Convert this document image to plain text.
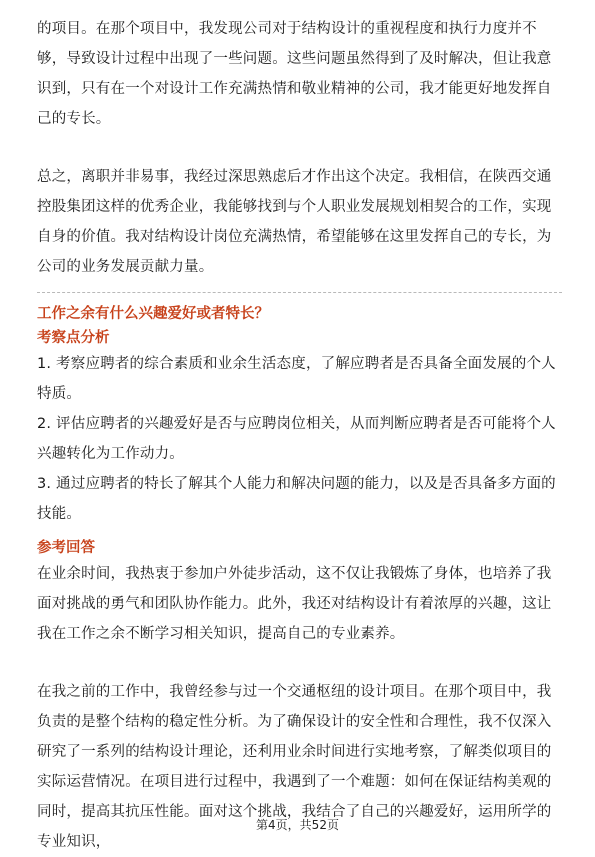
的项目。在那个项目中，我发现公司对于结构设计的重视程度和执行力度并不够，导致设计过程中出现了一些问题。这些问题虽然得到了及时解决，但让我意识到，只有在一个对设计工作充满热情和敬业精神的公司，我才能更好地发挥自己的专长。

总之，离职并非易事，我经过深思熟虑后才作出这个决定。我相信，在陕西交通控股集团这样的优秀企业，我能够找到与个人职业发展规划相契合的工作，实现自身的价值。我对结构设计岗位充满热情，希望能够在这里发挥自己的专长，为公司的业务发展贡献力量。

工作之余有什么兴趣爱好或者特长？

考察点分析

1. 考察应聘者的综合素质和业余生活态度，了解应聘者是否具备全面发展的个人特质。

2. 评估应聘者的兴趣爱好是否与应聘岗位相关，从而判断应聘者是否可能将个人兴趣转化为工作动力。

3. 通过应聘者的特长了解其个人能力和解决问题的能力，以及是否具备多方面的技能。

参考回答

在业余时间，我热衷于参加户外徒步活动，这不仅让我锻炼了身体，也培养了我面对挑战的勇气和团队协作能力。此外，我还对结构设计有着浓厚的兴趣，这让我在工作之余不断学习相关知识，提高自己的专业素养。

在我之前的工作中，我曾经参与过一个交通枢纽的设计项目。在那个项目中，我负责的是整个结构的稳定性分析。为了确保设计的安全性和合理性，我不仅深入研究了一系列的结构设计理论，还利用业余时间进行实地考察，了解类似项目的实际运营情况。在项目进行过程中，我遇到了一个难题：如何在保证结构美观的同时，提高其抗压性能。面对这个挑战，我结合了自己的兴趣爱好，运用所学的专业知识，

第4页，共52页
